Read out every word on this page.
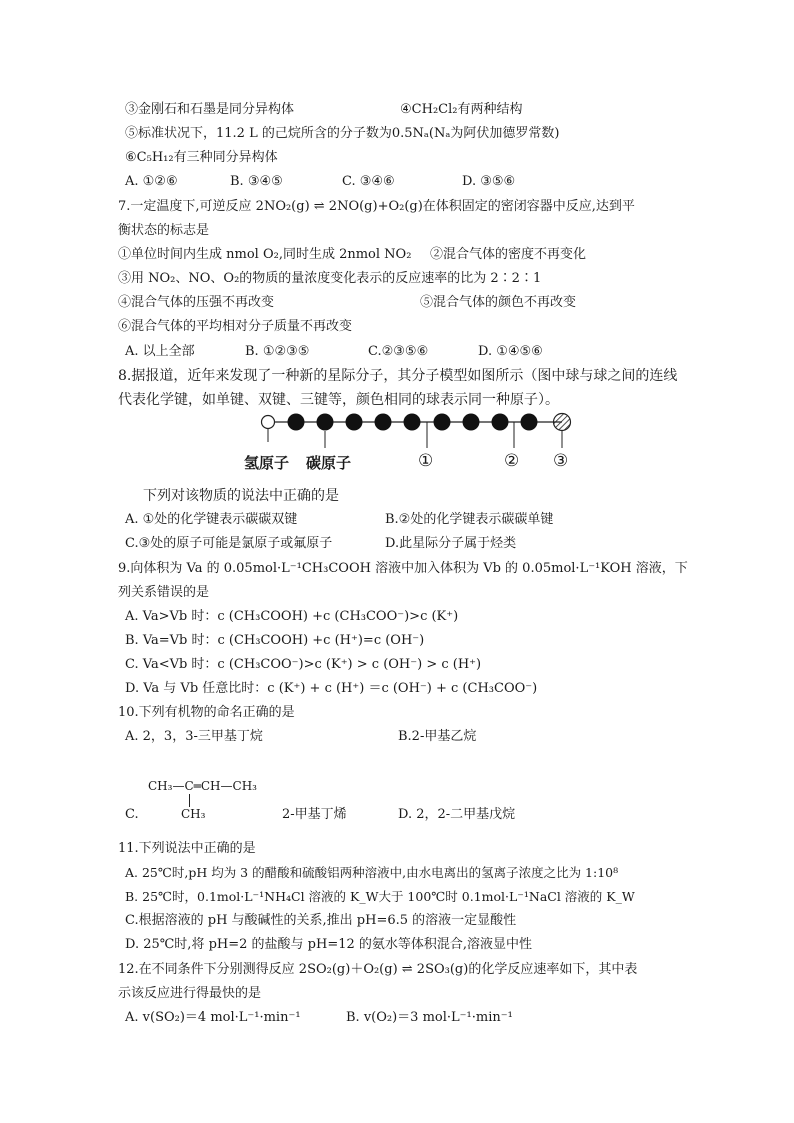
③金刚石和石墨是同分异构体	④CH₂Cl₂有两种结构
⑤标准状况下，11.2 L 的己烷所含的分子数为0.5Nₐ(Nₐ为阿伏加德罗常数)
⑥C₅H₁₂有三种同分异构体
A. ①②⑥	B. ③④⑤	C. ③④⑥	D. ③⑤⑥
7.一定温度下,可逆反应 2NO₂(g) ⇌ 2NO(g)+O₂(g)在体积固定的密闭容器中反应,达到平
衡状态的标志是
①单位时间内生成 nmol O₂,同时生成 2nmol NO₂ ②混合气体的密度不再变化
③用 NO₂、NO、O₂的物质的量浓度变化表示的反应速率的比为 2∶2∶1
④混合气体的压强不再改变	⑤混合气体的颜色不再改变
⑥混合气体的平均相对分子质量不再改变
A. 以上全部	B. ①②③⑤	C.②③⑤⑥	D. ①④⑤⑥
8.据报道，近年来发现了一种新的星际分子，其分子模型如图所示（图中球与球之间的连线
代表化学键，如单键、双键、三键等，颜色相同的球表示同一种原子）。
氢原子 碳原子	①	② ③
下列对该物质的说法中正确的是
A. ①处的化学键表示碳碳双键	B.②处的化学键表示碳碳单键
C.③处的原子可能是氯原子或氟原子	D.此星际分子属于烃类
9.向体积为 Va 的 0.05mol·L⁻¹CH₃COOH 溶液中加入体积为 Vb 的 0.05mol·L⁻¹KOH 溶液，下
列关系错误的是
A. Va>Vb 时：c (CH₃COOH) +c (CH₃COO⁻)>c (K⁺)
B. Va=Vb 时：c (CH₃COOH) +c (H⁺)=c (OH⁻)
C. Va<Vb 时：c (CH₃COO⁻)>c (K⁺) > c (OH⁻) > c (H⁺)
D. Va 与 Vb 任意比时：c (K⁺) + c (H⁺) ＝c (OH⁻) + c (CH₃COO⁻)
10.下列有机物的命名正确的是
A. 2，3，3-三甲基丁烷	B.2-甲基乙烷
CH₃—C═CH—CH₃
CH₃
C.	2-甲基丁烯	D. 2，2-二甲基戊烷
11.下列说法中正确的是
A. 25℃时,pH 均为 3 的醋酸和硫酸铝两种溶液中,由水电离出的氢离子浓度之比为 1:10⁸
B. 25℃时，0.1mol·L⁻¹NH₄Cl 溶液的 K_W大于 100℃时 0.1mol·L⁻¹NaCl 溶液的 K_W
C.根据溶液的 pH 与酸碱性的关系,推出 pH=6.5 的溶液一定显酸性
D. 25℃时,将 pH=2 的盐酸与 pH=12 的氨水等体积混合,溶液显中性
12.在不同条件下分别测得反应 2SO₂(g)＋O₂(g) ⇌ 2SO₃(g)的化学反应速率如下，其中表
示该反应进行得最快的是
A. v(SO₂)＝4 mol·L⁻¹·min⁻¹	B. v(O₂)＝3 mol·L⁻¹·min⁻¹
